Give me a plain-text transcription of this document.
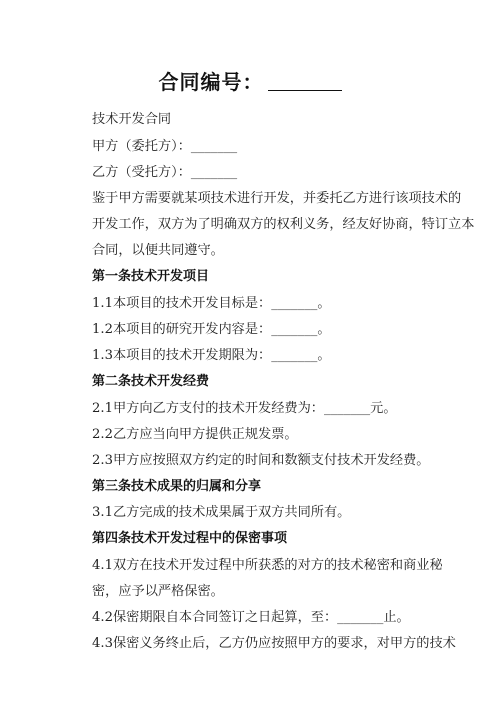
合同编号：
技术开发合同
甲方（委托方）：_______
乙方（受托方）：_______
鉴于甲方需要就某项技术进行开发，并委托乙方进行该项技术的
开发工作，双方为了明确双方的权利义务，经友好协商，特订立本
合同，以便共同遵守。
第一条技术开发项目
1.1本项目的技术开发目标是：_______。
1.2本项目的研究开发内容是：_______。
1.3本项目的技术开发期限为：_______。
第二条技术开发经费
2.1甲方向乙方支付的技术开发经费为：_______元。
2.2乙方应当向甲方提供正规发票。
2.3甲方应按照双方约定的时间和数额支付技术开发经费。
第三条技术成果的归属和分享
3.1乙方完成的技术成果属于双方共同所有。
第四条技术开发过程中的保密事项
4.1双方在技术开发过程中所获悉的对方的技术秘密和商业秘
密，应予以严格保密。
4.2保密期限自本合同签订之日起算，至：_______止。
4.3保密义务终止后，乙方仍应按照甲方的要求，对甲方的技术
